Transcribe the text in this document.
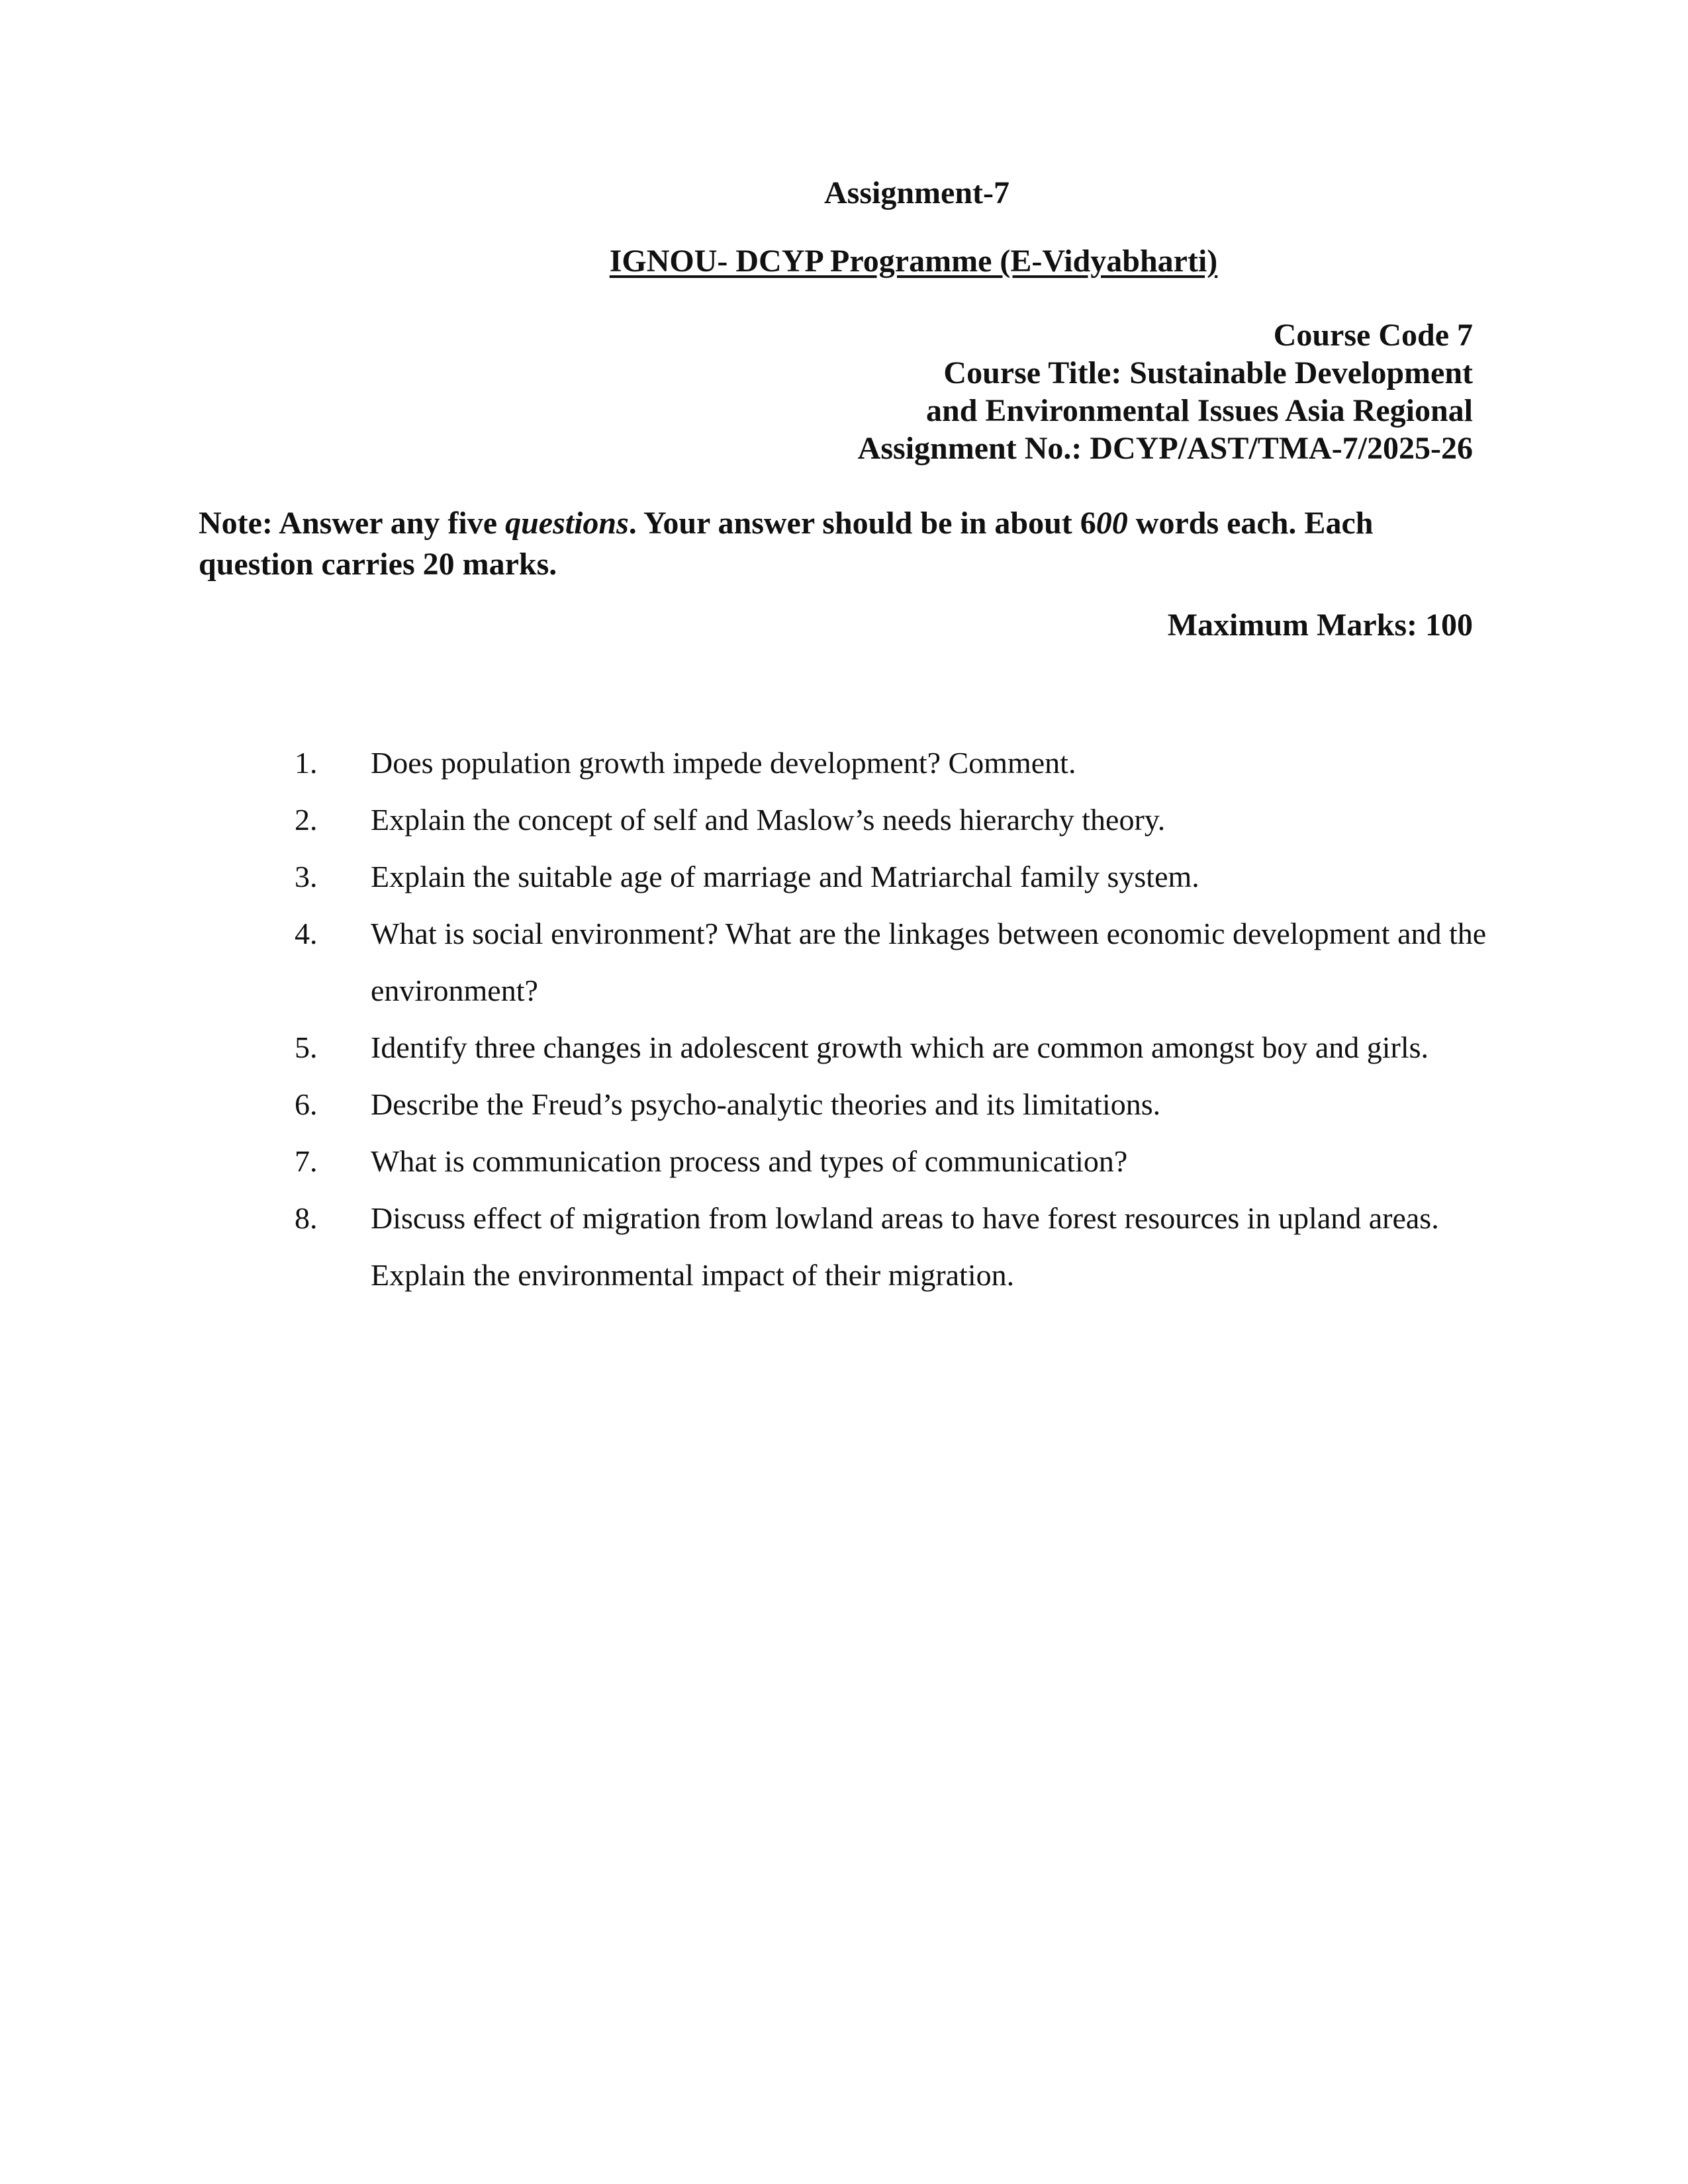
Assignment-7
IGNOU- DCYP Programme (E-Vidyabharti)
Course Code 7
Course Title: Sustainable Development
and Environmental Issues Asia Regional
Assignment No.: DCYP/AST/TMA-7/2025-26

Note: Answer any five questions. Your answer should be in about 600 words each. Each question carries 20 marks.

Maximum Marks: 100
1.	Does population growth impede development? Comment.
2.	Explain the concept of self and Maslow’s needs hierarchy theory.
3.	Explain the suitable age of marriage and Matriarchal family system.
4.	What is social environment? What are the linkages between economic development and the environment?
5.	Identify three changes in adolescent growth which are common amongst boy and girls.
6.	Describe the Freud’s psycho-analytic theories and its limitations.
7.	What is communication process and types of communication?
8.	Discuss effect of migration from lowland areas to have forest resources in upland areas. Explain the environmental impact of their migration.
